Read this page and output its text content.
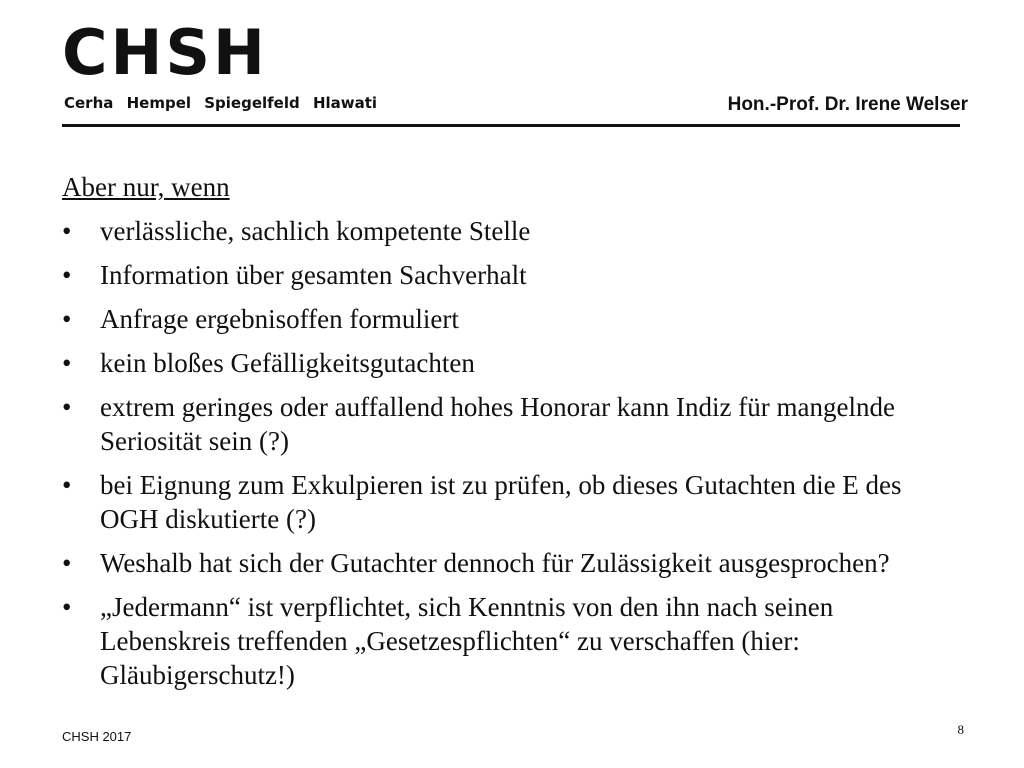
CHSH
Cerha Hempel Spiegelfeld Hlawati	Hon.-Prof. Dr. Irene Welser
Aber nur, wenn
• verlässliche, sachlich kompetente Stelle
• Information über gesamten Sachverhalt
• Anfrage ergebnisoffen formuliert
• kein bloßes Gefälligkeitsgutachten
• extrem geringes oder auffallend hohes Honorar kann Indiz für mangelnde Seriosität sein (?)
• bei Eignung zum Exkulpieren ist zu prüfen, ob dieses Gutachten die E des OGH diskutierte (?)
• Weshalb hat sich der Gutachter dennoch für Zulässigkeit ausgesprochen?
• „Jedermann“ ist verpflichtet, sich Kenntnis von den ihn nach seinen Lebenskreis treffenden „Gesetzespflichten“ zu verschaffen (hier: Gläubigerschutz!)
CHSH 2017	8
